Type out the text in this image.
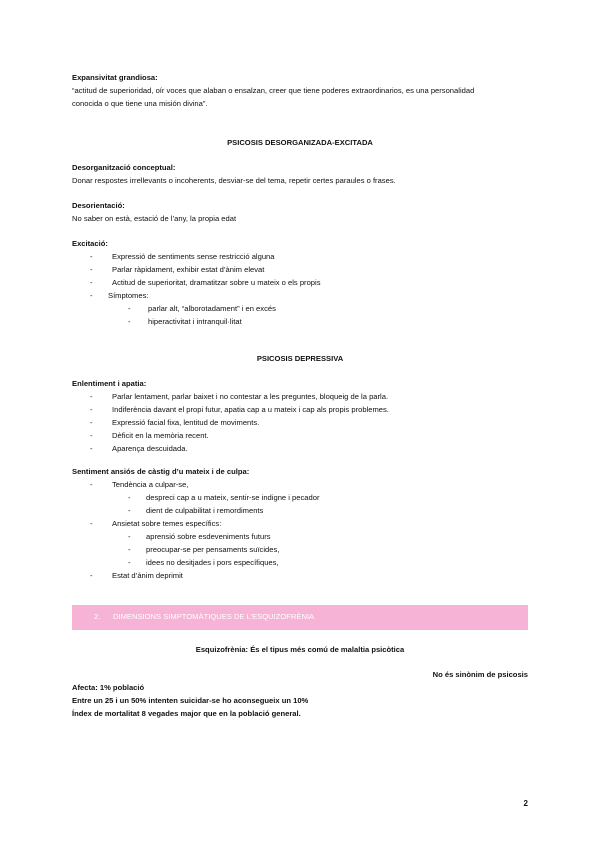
Expansivitat grandiosa:
“actitud de superioridad, oír voces que alaban o ensalzan, creer que tiene poderes extraordinarios, es una personalidad
conocida o que tiene una misión divina”.
PSICOSIS DESORGANIZADA-EXCITADA
Desorganització conceptual:
Donar respostes irrellevants o incoherents, desviar-se del tema, repetir certes paraules o frases.
Desorientació:
No saber on està, estació de l’any, la propia edat
Excitació:
-	Expressió de sentiments sense restricció alguna
-	Parlar ràpidament, exhibir estat d’ànim elevat
-	Actitud de superioritat, dramatitzar sobre u mateix o els propis
- Símptomes:
- parlar alt, “alborotadament” i en excés
- hiperactivitat i intranquil·litat
PSICOSIS DEPRESSIVA
Enlentiment i apatia:
-	Parlar lentament, parlar baixet i no contestar a les preguntes, bloqueig de la parla.
-	Indiferència davant el propi futur, apatia cap a u mateix i cap als propis problemes.
-	Expressió facial fixa, lentitud de moviments.
-	Dèficit en la memòria recent.
-	Aparença descuidada.
Sentiment ansiós de càstig d’u mateix i de culpa:
-	Tendència a culpar-se,
- despreci cap a u mateix, sentir-se indigne i pecador
- dient de culpabilitat i remordiments
-	Ansietat sobre temes específics:
- aprensió sobre esdeveniments futurs
- preocupar-se per pensaments suïcides,
- idees no desitjades i pors específiques,
-	Estat d’ànim deprimit
2. DIMENSIONS SIMPTOMÀTIQUES DE L’ESQUIZOFRÈNIA
Esquizofrènia: És el tipus més comú de malaltia psicòtica
No és sinònim de psicosis
Afecta: 1% població
Entre un 25 i un 50% intenten suicidar-se ho aconsegueix un 10%
Índex de mortalitat 8 vegades major que en la població general.
2
